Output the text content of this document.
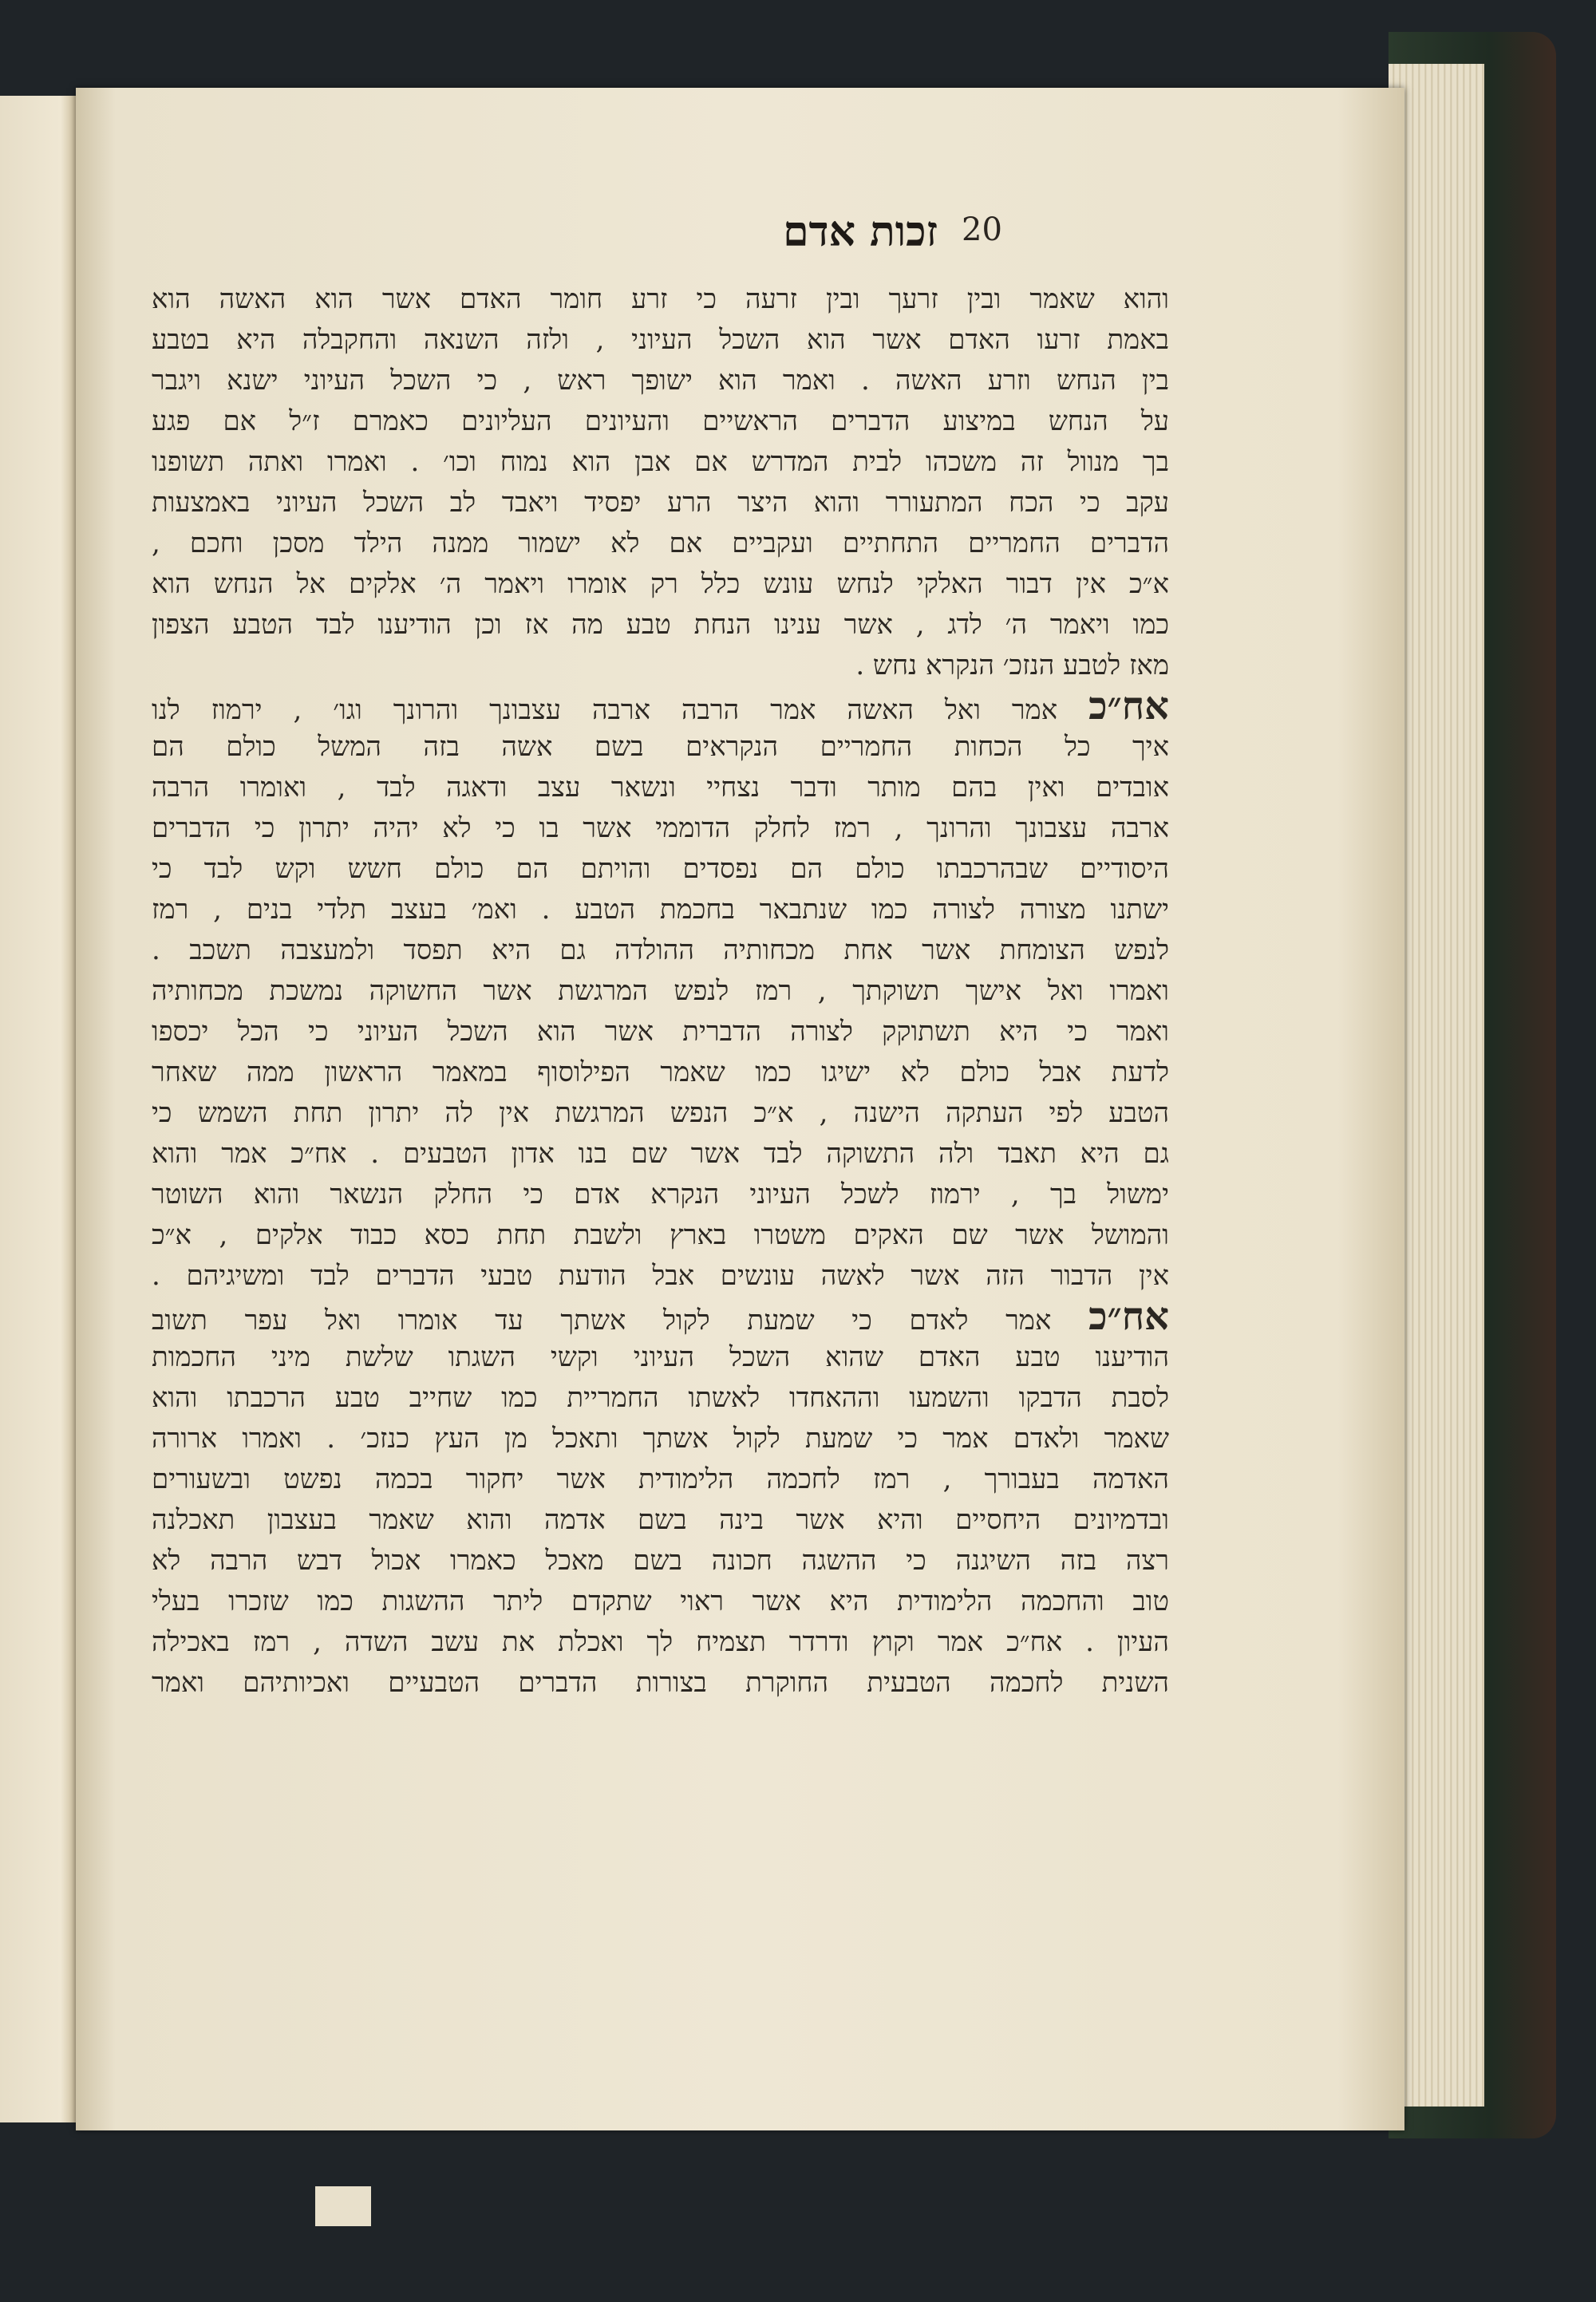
זכות אדם 20
והוא שאמר ובין זרעך ובין זרעה כי זרע חומר האדם אשר הוא האשה הוא
באמת זרעו האדם אשר הוא השכל העיוני , ולזה השנאה והחקבלה היא בטבע
בין הנחש וזרע האשה . ואמר הוא ישופך ראש , כי השכל העיוני ישנא ויגבר
על הנחש במיצוע הדברים הראשיים והעיונים העליונים כאמרם ז״ל אם פגע
בך מנוול זה משכהו לבית המדרש אם אבן הוא נמוח וכו׳ . ואמרו ואתה תשופנו
עקב כי הכח המתעורר והוא היצר הרע יפסיד ויאבד לב השכל העיוני באמצעות
הדברים החמריים התחתיים ועקביים אם לא ישמור ממנה הילד מסכן וחכם ,
א״כ אין דבור האלקי לנחש עונש כלל רק אומרו ויאמר ה׳ אלקים אל הנחש הוא
כמו ויאמר ה׳ לדג , אשר ענינו הנחת טבע מה אז וכן הודיענו לבד הטבע הצפון
מאז לטבע הנזכ׳ הנקרא נחש .
אח״כ אמר ואל האשה אמר הרבה ארבה עצבונך והרונך וגו׳ , ירמוז לנו
איך כל הכחות החמריים הנקראים בשם אשה בזה המשל כולם הם
אובדים ואין בהם מותר ודבר נצחיי ונשאר עצב ודאגה לבד , ואומרו הרבה
ארבה עצבונך והרונך , רמז לחלק הדוממי אשר בו כי לא יהיה יתרון כי הדברים
היסודיים שבהרכבתו כולם הם נפסדים והויתם הם כולם חשש וקש לבד כי
ישתנו מצורה לצורה כמו שנתבאר בחכמת הטבע . ואמ׳ בעצב תלדי בנים , רמז
לנפש הצומחת אשר אחת מכחותיה ההולדה גם היא תפסד ולמעצבה תשכב .
ואמרו ואל אישך תשוקתך , רמז לנפש המרגשת אשר החשוקה נמשכת מכחותיה
ואמר כי היא תשתוקק לצורה הדברית אשר הוא השכל העיוני כי הכל יכספו
לדעת אבל כולם לא ישיגו כמו שאמר הפילוסוף במאמר הראשון ממה שאחר
הטבע לפי העתקה הישנה , א״כ הנפש המרגשת אין לה יתרון תחת השמש כי
גם היא תאבד ולה התשוקה לבד אשר שם בנו אדון הטבעים . אח״כ אמר והוא
ימשול בך , ירמוז לשכל העיוני הנקרא אדם כי החלק הנשאר והוא השוטר
והמושל אשר שם האקים משטרו בארץ ולשבת תחת כסא כבוד אלקים , א״כ
אין הדבור הזה אשר לאשה עונשים אבל הודעת טבעי הדברים לבד ומשיגיהם .
אח״כ אמר לאדם כי שמעת לקול אשתך עד אומרו ואל עפר תשוב
הודיענו טבע האדם שהוא השכל העיוני וקשי השגתו שלשת מיני החכמות
לסבת הדבקו והשמעו וההאחדו לאשתו החמריית כמו שחייב טבע הרכבתו והוא
שאמר ולאדם אמר כי שמעת לקול אשתך ותאכל מן העץ כנזכ׳ . ואמרו ארורה
האדמה בעבורך , רמז לחכמה הלימודית אשר יחקור בכמה נפשט ובשעורים
ובדמיונים היחסיים והיא אשר בינה בשם אדמה והוא שאמר בעצבון תאכלנה
רצה בזה השיגנה כי ההשגה חכונה בשם מאכל כאמרו אכול דבש הרבה לא
טוב והחכמה הלימודית היא אשר ראוי שתקדם ליתר ההשגות כמו שזכרו בעלי
העיון . אח״כ אמר וקוץ ודרדר תצמיח לך ואכלת את עשב השדה , רמז באכילה
השנית לחכמה הטבעית החוקרת בצורות הדברים הטבעיים ואכיותיהם ואמר
